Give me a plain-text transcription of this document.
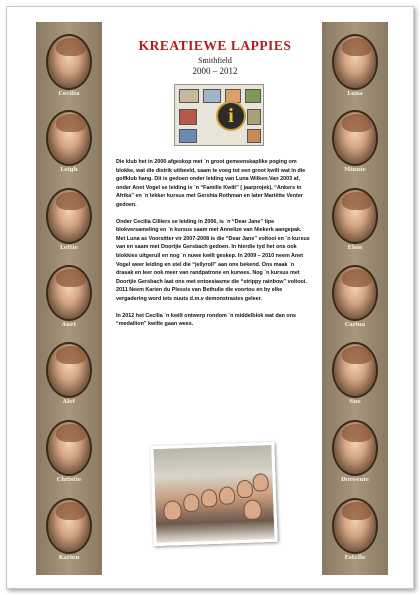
Cecilia
Leigh
Lettie
Anet
Alet
Christie
Karien
Luna
Minnie
Elsie
Carina
Sue
Doreenie
Estelle
KREATIEWE LAPPIES
Smithfield
2000 – 2012
i

Die klub het in 2000 afgeskop met `n groot gemeenskaplike poging om blokke, wat die distrik uitbeeld, saam te voeg tot een groot kwilt wat in die golfklub hang. Dit is gedoen onder leiding van Luna Wilken.Van 2003 af, onder Anet Vogel se leiding is `n “Familie Kwilt” ( jaarprojek), “Ankers in Afrika” en `n lekker kursus met Gershia Rothman en later Mariëtte Venter gedoen.

Onder Cecilia Cilliers se leiding in 2006, is `n “Dear Jane” tipe blokversameling en `n kursus saam met Annelize van Niekerk aangepak. Met Luna as Voorsitter vir 2007-2008 is die “Dear Jane” voltooi en `n kursus van en saam met Doortjie Gersbach gedoen. In hierdie tyd het ons ook blokkies uitgeruil en nog `n nuwe kwilt geskep. In 2009 – 2010 neem Anet Vogel weer leiding en stel die “jellyroll” aan ons bekend. Ons maak `n drasak en leer ook meer van randpatrone en kurwes. Nog `n kursus met Doortjie Gersbach laat ons met entoesiasme die “strippy rainbow” voltooi. 2011 Neem Karien du Plessis van Bethulie die voortou en by elke vergadering word iets nuuts d.m.v demonstrasies geleer.

In 2012 het Cecilia `n kwilt ontwerp rondom `n middelblok wat dan ons “medallion” kwilte gaan wees.
